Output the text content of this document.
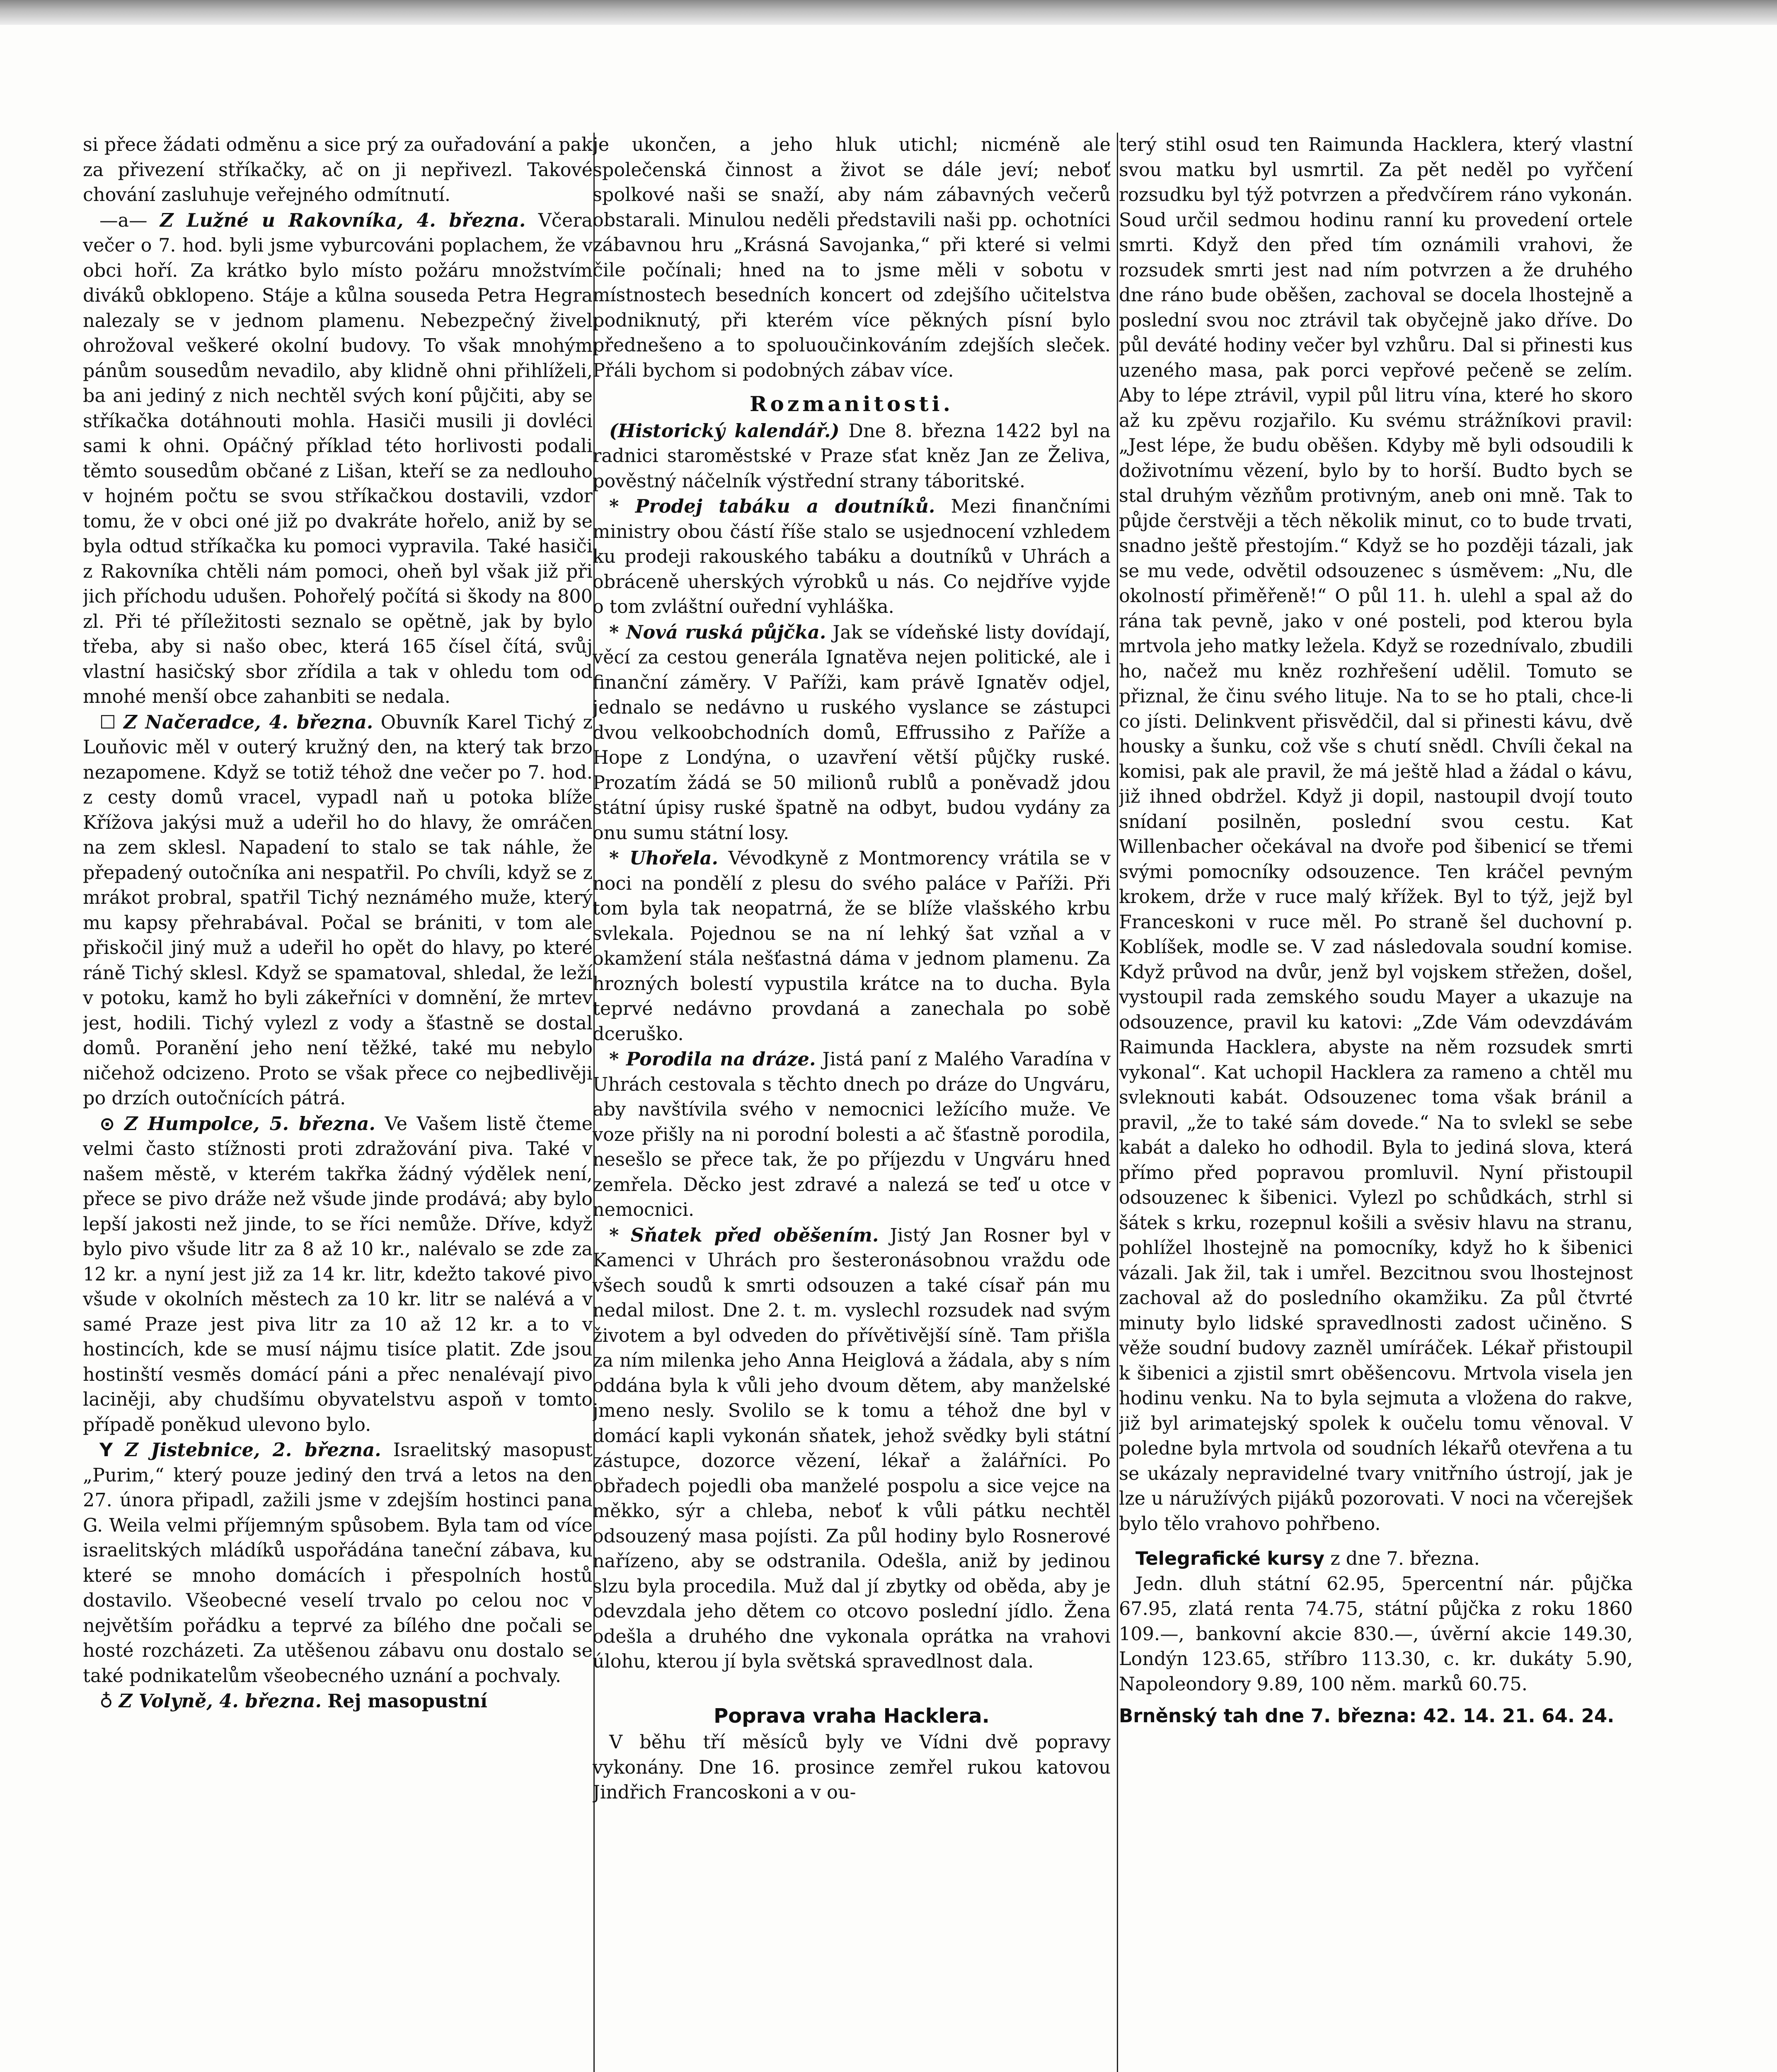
si přece žádati odměnu a sice prý za ouřadování a pak za přivezení stříkačky, ač on ji nepřivezl. Takové chování zasluhuje veřejného odmítnutí.

—a— Z Lužné u Rakovníka, 4. března. Včera večer o 7. hod. byli jsme vyburcováni poplachem, že v obci hoří. Za krátko bylo místo požáru množstvím diváků obklopeno. Stáje a kůlna souseda Petra Hegra nalezaly se v jednom plamenu. Nebezpečný živel ohrožoval veškeré okolní budovy. To však mnohým pánům sousedům nevadilo, aby klidně ohni přihlíželi, ba ani jediný z nich nechtěl svých koní půjčiti, aby se stříkačka dotáhnouti mohla. Hasiči musili ji dovléci sami k ohni. Opáčný příklad této horlivosti podali těmto sousedům občané z Lišan, kteří se za nedlouho v hojném počtu se svou stříkačkou dostavili, vzdor tomu, že v obci oné již po dvakráte hořelo, aniž by se byla odtud stříkačka ku pomoci vypravila. Také hasiči z Rakovníka chtěli nám pomoci, oheň byl však již při jich příchodu udušen. Pohořelý počítá si škody na 800 zl. Při té příležitosti seznalo se opětně, jak by bylo třeba, aby si našo obec, která 165 čísel čítá, svůj vlastní hasičský sbor zřídila a tak v ohledu tom od mnohé menší obce zahanbiti se nedala.

☐ Z Načeradce, 4. března. Obuvník Karel Tichý z Louňovic měl v outerý kružný den, na který tak brzo nezapomene. Když se totiž téhož dne večer po 7. hod. z cesty domů vracel, vypadl naň u potoka blíže Křížova jakýsi muž a udeřil ho do hlavy, že omráčen na zem sklesl. Napadení to stalo se tak náhle, že přepadený outočníka ani nespatřil. Po chvíli, když se z mrákot probral, spatřil Tichý neznámého muže, který mu kapsy přehrabával. Počal se brániti, v tom ale přiskočil jiný muž a udeřil ho opět do hlavy, po které ráně Tichý sklesl. Když se spamatoval, shledal, že leží v potoku, kamž ho byli zákeřníci v domnění, že mrtev jest, hodili. Tichý vylezl z vody a šťastně se dostal domů. Poranění jeho není těžké, také mu nebylo ničehož odcizeno. Proto se však přece co nejbedlivěji po drzích outočnících pátrá.

⊙ Z Humpolce, 5. března. Ve Vašem listě čteme velmi často stížnosti proti zdražování piva. Také v našem městě, v kterém takřka žádný výdělek není, přece se pivo dráže než všude jinde prodává; aby bylo lepší jakosti než jinde, to se říci nemůže. Dříve, když bylo pivo všude litr za 8 až 10 kr., nalévalo se zde za 12 kr. a nyní jest již za 14 kr. litr, kdežto takové pivo všude v okolních městech za 10 kr. litr se nalévá a v samé Praze jest piva litr za 10 až 12 kr. a to v hostincích, kde se musí nájmu tisíce platit. Zde jsou hostinští vesměs domácí páni a přec nenalévají pivo laciněji, aby chudšímu obyvatelstvu aspoň v tomto případě poněkud ulevono bylo.

Y Z Jistebnice, 2. března. Israelitský masopust „Purim,“ který pouze jediný den trvá a letos na den 27. února připadl, zažili jsme v zdejším hostinci pana G. Weila velmi příjemným spůsobem. Byla tam od více israelitských mládíků uspořádána taneční zábava, ku které se mnoho domácích i přespolních hostů dostavilo. Všeobecné veselí trvalo po celou noc v největším pořádku a teprvé za bílého dne počali se hosté rozcházeti. Za utěšenou zábavu onu dostalo se také podnikatelům všeobecného uznání a pochvaly.

♁ Z Volyně, 4. března. Rej masopustní

je ukončen, a jeho hluk utichl; nicméně ale společenská činnost a život se dále jeví; neboť spolkové naši se snaží, aby nám zábavných večerů obstarali. Minulou neděli představili naši pp. ochotníci zábavnou hru „Krásná Savojanka,“ při které si velmi čile počínali; hned na to jsme měli v sobotu v místnostech besedních koncert od zdejšího učitelstva podniknutý, při kterém více pěkných písní bylo přednešeno a to spoluoučinkováním zdejších sleček. Přáli bychom si podobných zábav více.

Rozmanitosti.

(Historický kalendář.) Dne 8. března 1422 byl na radnici staroměstské v Praze sťat kněz Jan ze Želiva, pověstný náčelník výstřední strany táboritské.

* Prodej tabáku a doutníků. Mezi finančními ministry obou částí říše stalo se usjednocení vzhledem ku prodeji rakouského tabáku a doutníků v Uhrách a obráceně uherských výrobků u nás. Co nejdříve vyjde o tom zvláštní ouřední vyhláška.

* Nová ruská půjčka. Jak se vídeňské listy dovídají, věcí za cestou generála Ignatěva nejen politické, ale i finanční záměry. V Paříži, kam právě Ignatěv odjel, jednalo se nedávno u ruského vyslance se zástupci dvou velkoobchodních domů, Effrussiho z Paříže a Hope z Londýna, o uzavření větší půjčky ruské. Prozatím žádá se 50 milionů rublů a poněvadž jdou státní úpisy ruské špatně na odbyt, budou vydány za onu sumu státní losy.

* Uhořela. Vévodkyně z Montmorency vrátila se v noci na pondělí z plesu do svého paláce v Paříži. Při tom byla tak neopatrná, že se blíže vlašského krbu svlekala. Pojednou se na ní lehký šat vzňal a v okamžení stála nešťastná dáma v jednom plamenu. Za hrozných bolestí vypustila krátce na to ducha. Byla teprvé nedávno provdaná a zanechala po sobě dceruško.

* Porodila na dráze. Jistá paní z Malého Varadína v Uhrách cestovala s těchto dnech po dráze do Ungváru, aby navštívila svého v nemocnici ležícího muže. Ve voze přišly na ni porodní bolesti a ač šťastně porodila, nesešlo se přece tak, že po příjezdu v Ungváru hned zemřela. Děcko jest zdravé a nalezá se teď u otce v nemocnici.

* Sňatek před oběšením. Jistý Jan Rosner byl v Kamenci v Uhrách pro šesteronásobnou vraždu ode všech soudů k smrti odsouzen a také císař pán mu nedal milost. Dne 2. t. m. vyslechl rozsudek nad svým životem a byl odveden do přívětivější síně. Tam přišla za ním milenka jeho Anna Heiglová a žádala, aby s ním oddána byla k vůli jeho dvoum dětem, aby manželské jmeno nesly. Svolilo se k tomu a téhož dne byl v domácí kapli vykonán sňatek, jehož svědky byli státní zástupce, dozorce vězení, lékař a žalářníci. Po obřadech pojedli oba manželé pospolu a sice vejce na měkko, sýr a chleba, neboť k vůli pátku nechtěl odsouzený masa pojísti. Za půl hodiny bylo Rosnerové nařízeno, aby se odstranila. Odešla, aniž by jedinou slzu byla procedila. Muž dal jí zbytky od oběda, aby je odevzdala jeho dětem co otcovo poslední jídlo. Žena odešla a druhého dne vykonala oprátka na vrahovi úlohu, kterou jí byla světská spravedlnost dala.

Poprava vraha Hacklera.

V běhu tří měsíců byly ve Vídni dvě popravy vykonány. Dne 16. prosince zemřel rukou katovou Jindřich Francoskoni a v ou-

terý stihl osud ten Raimunda Hacklera, který vlastní svou matku byl usmrtil. Za pět neděl po vyřčení rozsudku byl týž potvrzen a předvčírem ráno vykonán. Soud určil sedmou hodinu ranní ku provedení ortele smrti. Když den před tím oznámili vrahovi, že rozsudek smrti jest nad ním potvrzen a že druhého dne ráno bude oběšen, zachoval se docela lhostejně a poslední svou noc ztrávil tak obyčejně jako dříve. Do půl deváté hodiny večer byl vzhůru. Dal si přinesti kus uzeného masa, pak porci vepřové pečeně se zelím. Aby to lépe ztrávil, vypil půl litru vína, které ho skoro až ku zpěvu rozjařilo. Ku svému strážníkovi pravil: „Jest lépe, že budu oběšen. Kdyby mě byli odsoudili k doživotnímu vězení, bylo by to horší. Budto bych se stal druhým vězňům protivným, aneb oni mně. Tak to půjde čerstvěji a těch několik minut, co to bude trvati, snadno ještě přestojím.“ Když se ho později tázali, jak se mu vede, odvětil odsouzenec s úsměvem: „Nu, dle okolností přiměřeně!“ O půl 11. h. ulehl a spal až do rána tak pevně, jako v oné posteli, pod kterou byla mrtvola jeho matky ležela. Když se rozednívalo, zbudili ho, načež mu kněz rozhřešení udělil. Tomuto se přiznal, že činu svého lituje. Na to se ho ptali, chce-li co jísti. Delinkvent přisvědčil, dal si přinesti kávu, dvě housky a šunku, což vše s chutí snědl. Chvíli čekal na komisi, pak ale pravil, že má ještě hlad a žádal o kávu, již ihned obdržel. Když ji dopil, nastoupil dvojí touto snídaní posilněn, poslední svou cestu. Kat Willenbacher očekával na dvoře pod šibenicí se třemi svými pomocníky odsouzence. Ten kráčel pevným krokem, drže v ruce malý křížek. Byl to týž, jejž byl Franceskoni v ruce měl. Po straně šel duchovní p. Koblíšek, modle se. V zad následovala soudní komise. Když průvod na dvůr, jenž byl vojskem střežen, došel, vystoupil rada zemského soudu Mayer a ukazuje na odsouzence, pravil ku katovi: „Zde Vám odevzdávám Raimunda Hacklera, abyste na něm rozsudek smrti vykonal“. Kat uchopil Hacklera za rameno a chtěl mu svleknouti kabát. Odsouzenec toma však bránil a pravil, „že to také sám dovede.“ Na to svlekl se sebe kabát a daleko ho odhodil. Byla to jediná slova, která přímo před popravou promluvil. Nyní přistoupil odsouzenec k šibenici. Vylezl po schůdkách, strhl si šátek s krku, rozepnul košili a svěsiv hlavu na stranu, pohlížel lhostejně na pomocníky, když ho k šibenici vázali. Jak žil, tak i umřel. Bezcitnou svou lhostejnost zachoval až do posledního okamžiku. Za půl čtvrté minuty bylo lidské spravedlnosti zadost učiněno. S věže soudní budovy zazněl umíráček. Lékař přistoupil k šibenici a zjistil smrt oběšencovu. Mrtvola visela jen hodinu venku. Na to byla sejmuta a vložena do rakve, již byl arimatejský spolek k oučelu tomu věnoval. V poledne byla mrtvola od soudních lékařů otevřena a tu se ukázaly nepravidelné tvary vnitřního ústrojí, jak je lze u náružívých pijáků pozorovati. V noci na včerejšek bylo tělo vrahovo pohřbeno.

Telegrafické kursy z dne 7. března.

Jedn. dluh státní 62.95, 5percentní nár. půjčka 67.95, zlatá renta 74.75, státní půjčka z roku 1860 109.—, bankovní akcie 830.—, úvěrní akcie 149.30, Londýn 123.65, stříbro 113.30, c. kr. dukáty 5.90, Napoleondory 9.89, 100 něm. marků 60.75.

Brněnský tah dne 7. března: 42. 14. 21. 64. 24.
